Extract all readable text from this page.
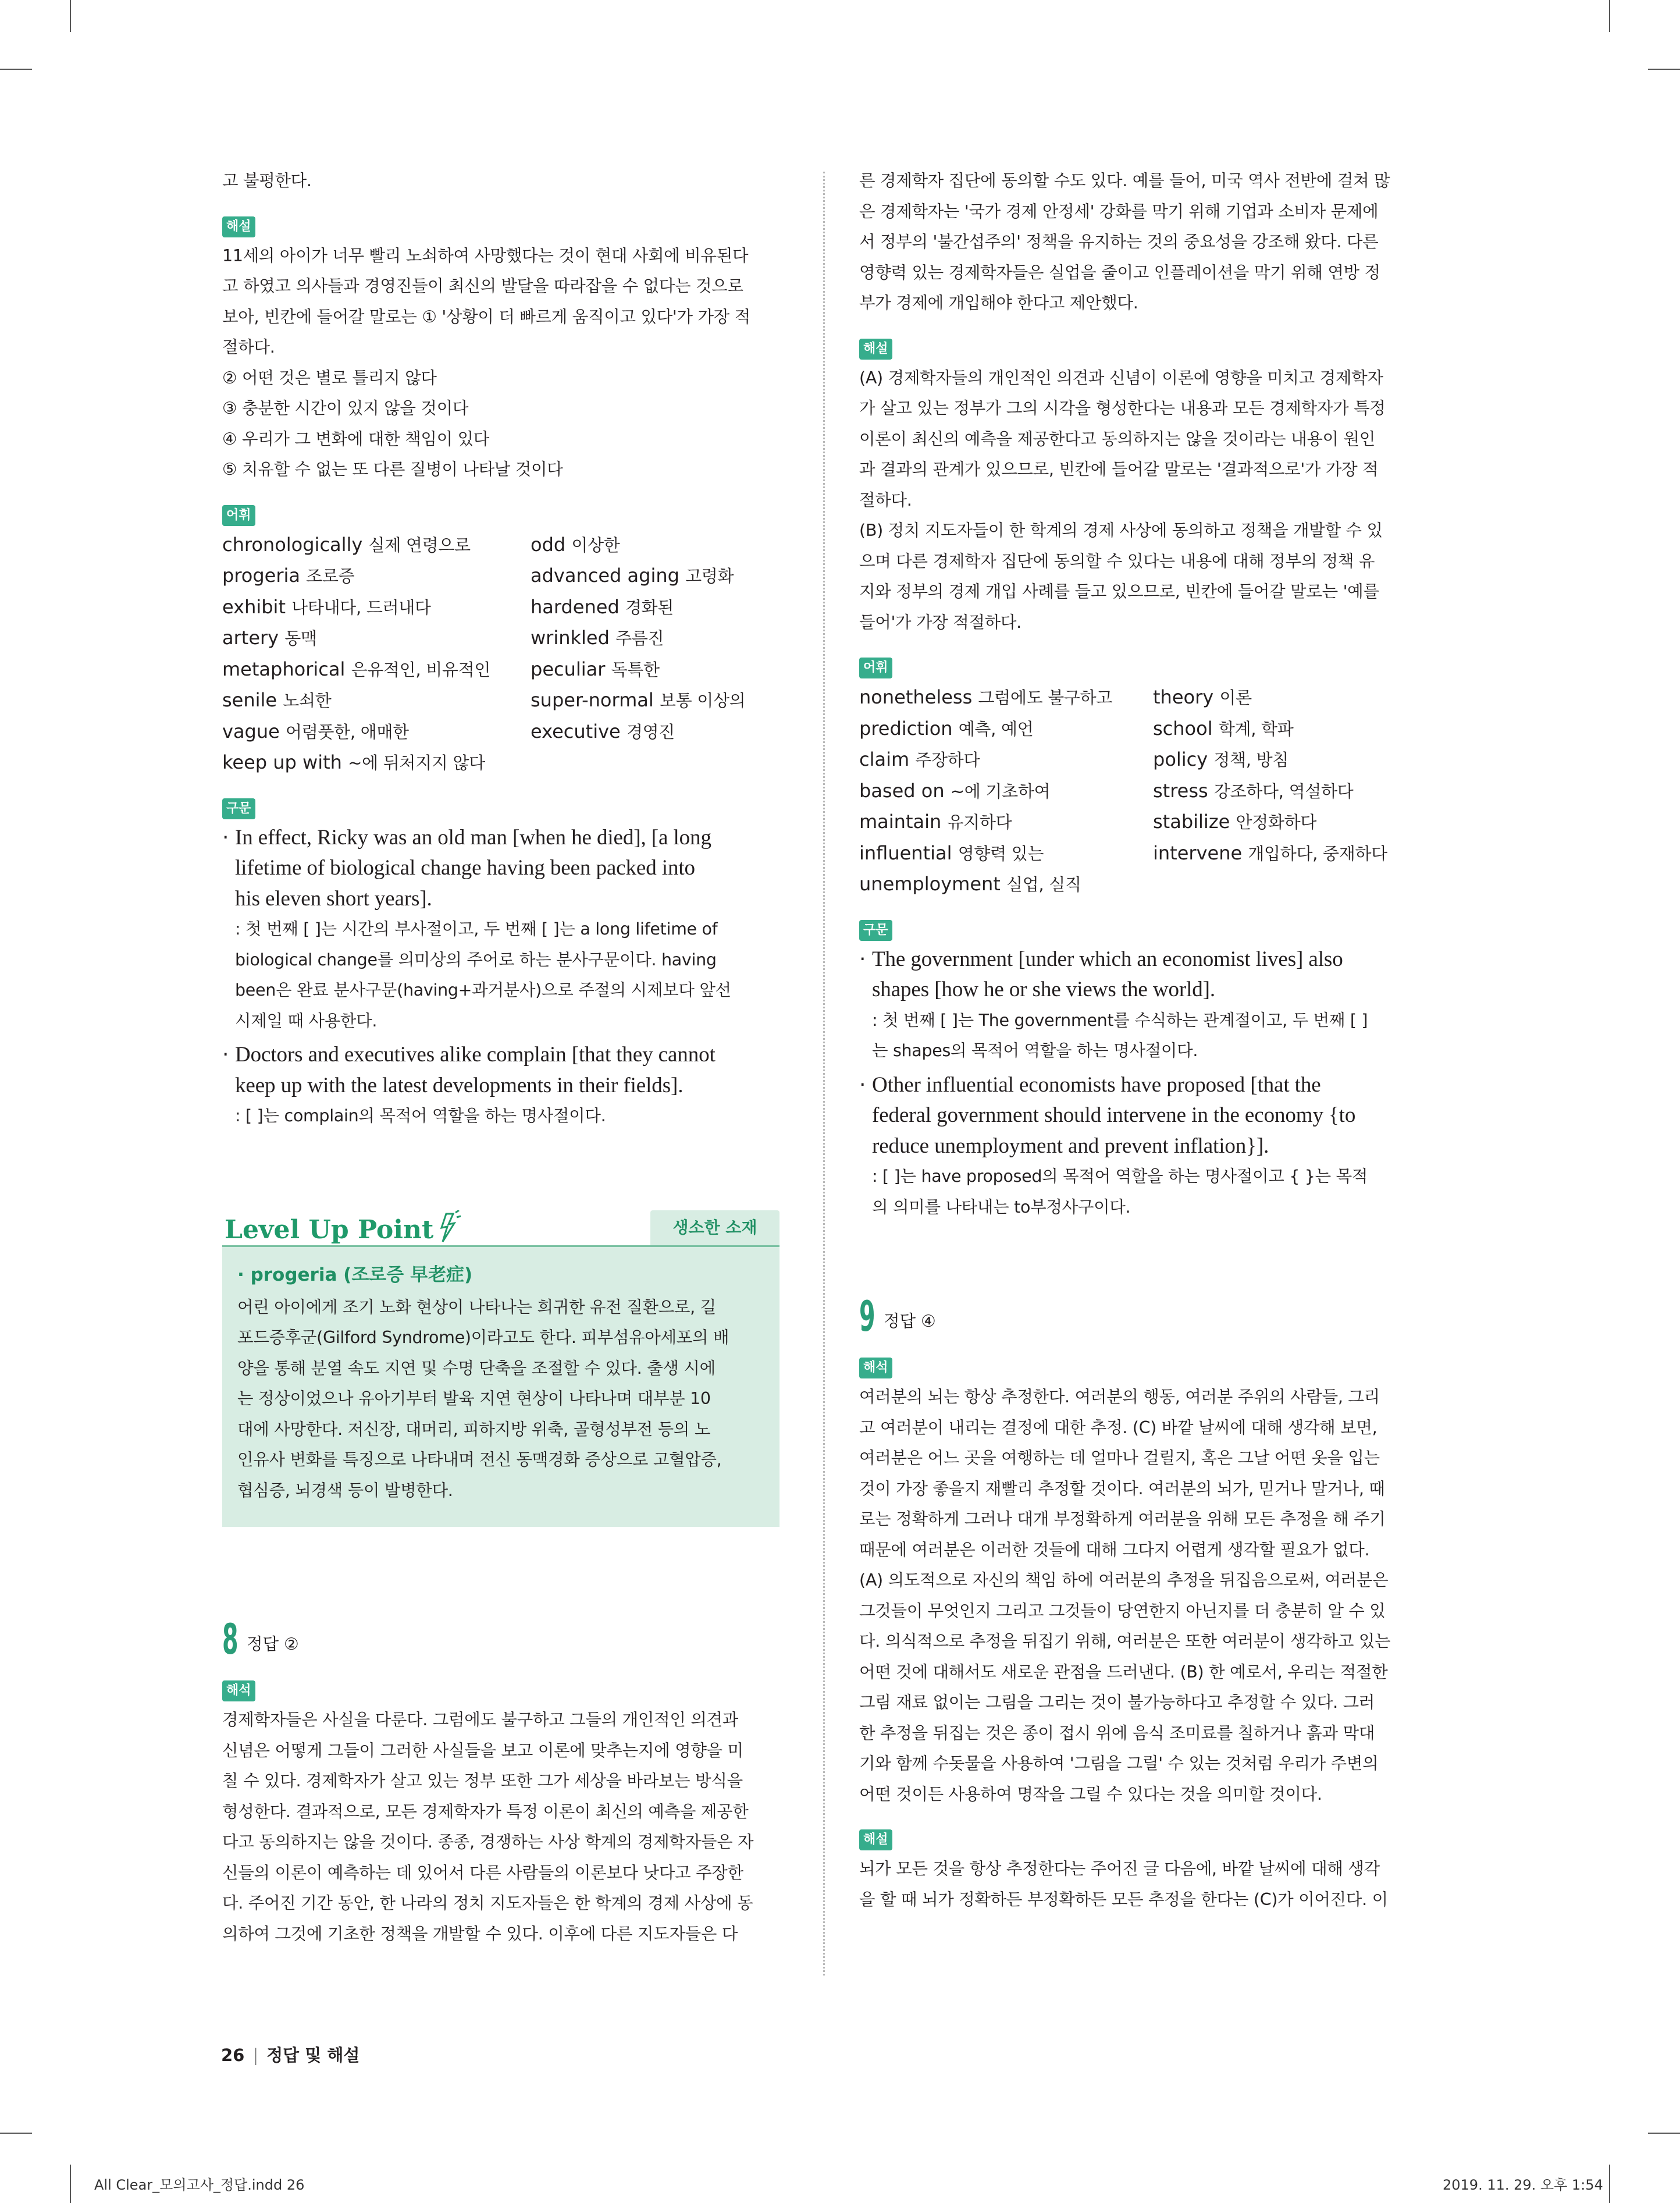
고 불평한다.

해설

11세의 아이가 너무 빨리 노쇠하여 사망했다는 것이 현대 사회에 비유된다

고 하였고 의사들과 경영진들이 최신의 발달을 따라잡을 수 없다는 것으로

보아, 빈칸에 들어갈 말로는 ① '상황이 더 빠르게 움직이고 있다'가 가장 적

절하다.

② 어떤 것은 별로 틀리지 않다

③ 충분한 시간이 있지 않을 것이다

④ 우리가 그 변화에 대한 책임이 있다

⑤ 치유할 수 없는 또 다른 질병이 나타날 것이다

어휘
chronologically 실제 연령으로	odd 이상한
progeria 조로증	advanced aging 고령화
exhibit 나타내다, 드러내다	hardened 경화된
artery 동맥	wrinkled 주름진
metaphorical 은유적인, 비유적인	peculiar 독특한
senile 노쇠한	super-normal 보통 이상의
vague 어렴풋한, 애매한	executive 경영진
keep up with ~에 뒤처지지 않다
구문
· In effect, Ricky was an old man [when he died], [a long

lifetime of biological change having been packed into

his eleven short years].

: 첫 번째 [ ]는 시간의 부사절이고, 두 번째 [ ]는 a long lifetime of

biological change를 의미상의 주어로 하는 분사구문이다. having

been은 완료 분사구문(having+과거분사)으로 주절의 시제보다 앞선

시제일 때 사용한다.

· Doctors and executives alike complain [that they cannot

keep up with the latest developments in their fields].

: [ ]는 complain의 목적어 역할을 하는 명사절이다.

Level Up Point	생소한 소재

· progeria (조로증 早老症)

어린 아이에게 조기 노화 현상이 나타나는 희귀한 유전 질환으로, 길

포드증후군(Gilford Syndrome)이라고도 한다. 피부섬유아세포의 배

양을 통해 분열 속도 지연 및 수명 단축을 조절할 수 있다. 출생 시에

는 정상이었으나 유아기부터 발육 지연 현상이 나타나며 대부분 10

대에 사망한다. 저신장, 대머리, 피하지방 위축, 골형성부전 등의 노

인유사 변화를 특징으로 나타내며 전신 동맥경화 증상으로 고혈압증,

협심증, 뇌경색 등이 발병한다.

8 정답 ②
해석

경제학자들은 사실을 다룬다. 그럼에도 불구하고 그들의 개인적인 의견과

신념은 어떻게 그들이 그러한 사실들을 보고 이론에 맞추는지에 영향을 미

칠 수 있다. 경제학자가 살고 있는 정부 또한 그가 세상을 바라보는 방식을

형성한다. 결과적으로, 모든 경제학자가 특정 이론이 최신의 예측을 제공한

다고 동의하지는 않을 것이다. 종종, 경쟁하는 사상 학계의 경제학자들은 자

신들의 이론이 예측하는 데 있어서 다른 사람들의 이론보다 낫다고 주장한

다. 주어진 기간 동안, 한 나라의 정치 지도자들은 한 학계의 경제 사상에 동

의하여 그것에 기초한 정책을 개발할 수 있다. 이후에 다른 지도자들은 다

른 경제학자 집단에 동의할 수도 있다. 예를 들어, 미국 역사 전반에 걸쳐 많

은 경제학자는 '국가 경제 안정세' 강화를 막기 위해 기업과 소비자 문제에

서 정부의 '불간섭주의' 정책을 유지하는 것의 중요성을 강조해 왔다. 다른

영향력 있는 경제학자들은 실업을 줄이고 인플레이션을 막기 위해 연방 정

부가 경제에 개입해야 한다고 제안했다.

해설

(A) 경제학자들의 개인적인 의견과 신념이 이론에 영향을 미치고 경제학자

가 살고 있는 정부가 그의 시각을 형성한다는 내용과 모든 경제학자가 특정

이론이 최신의 예측을 제공한다고 동의하지는 않을 것이라는 내용이 원인

과 결과의 관계가 있으므로, 빈칸에 들어갈 말로는 '결과적으로'가 가장 적

절하다.

(B) 정치 지도자들이 한 학계의 경제 사상에 동의하고 정책을 개발할 수 있

으며 다른 경제학자 집단에 동의할 수 있다는 내용에 대해 정부의 정책 유

지와 정부의 경제 개입 사례를 들고 있으므로, 빈칸에 들어갈 말로는 '예를

들어'가 가장 적절하다.

어휘
nonetheless 그럼에도 불구하고	theory 이론
prediction 예측, 예언	school 학계, 학파
claim 주장하다	policy 정책, 방침
based on ~에 기초하여	stress 강조하다, 역설하다
maintain 유지하다	stabilize 안정화하다
influential 영향력 있는	intervene 개입하다, 중재하다
unemployment 실업, 실직
구문
· The government [under which an economist lives] also

shapes [how he or she views the world].

: 첫 번째 [ ]는 The government를 수식하는 관계절이고, 두 번째 [ ]

는 shapes의 목적어 역할을 하는 명사절이다.

· Other influential economists have proposed [that the

federal government should intervene in the economy {to

reduce unemployment and prevent inflation}].

: [ ]는 have proposed의 목적어 역할을 하는 명사절이고 { }는 목적

의 의미를 나타내는 to부정사구이다.

9 정답 ④
해석

여러분의 뇌는 항상 추정한다. 여러분의 행동, 여러분 주위의 사람들, 그리

고 여러분이 내리는 결정에 대한 추정. (C) 바깥 날씨에 대해 생각해 보면,

여러분은 어느 곳을 여행하는 데 얼마나 걸릴지, 혹은 그날 어떤 옷을 입는

것이 가장 좋을지 재빨리 추정할 것이다. 여러분의 뇌가, 믿거나 말거나, 때

로는 정확하게 그러나 대개 부정확하게 여러분을 위해 모든 추정을 해 주기

때문에 여러분은 이러한 것들에 대해 그다지 어렵게 생각할 필요가 없다.

(A) 의도적으로 자신의 책임 하에 여러분의 추정을 뒤집음으로써, 여러분은

그것들이 무엇인지 그리고 그것들이 당연한지 아닌지를 더 충분히 알 수 있

다. 의식적으로 추정을 뒤집기 위해, 여러분은 또한 여러분이 생각하고 있는

어떤 것에 대해서도 새로운 관점을 드러낸다. (B) 한 예로서, 우리는 적절한

그림 재료 없이는 그림을 그리는 것이 불가능하다고 추정할 수 있다. 그러

한 추정을 뒤집는 것은 종이 접시 위에 음식 조미료를 칠하거나 흙과 막대

기와 함께 수돗물을 사용하여 '그림을 그릴' 수 있는 것처럼 우리가 주변의

어떤 것이든 사용하여 명작을 그릴 수 있다는 것을 의미할 것이다.

해설

뇌가 모든 것을 항상 추정한다는 주어진 글 다음에, 바깥 날씨에 대해 생각

을 할 때 뇌가 정확하든 부정확하든 모든 추정을 한다는 (C)가 이어진다. 이

26 | 정답 및 해설
All Clear_모의고사_정답.indd 26	2019. 11. 29. 오후 1:54
